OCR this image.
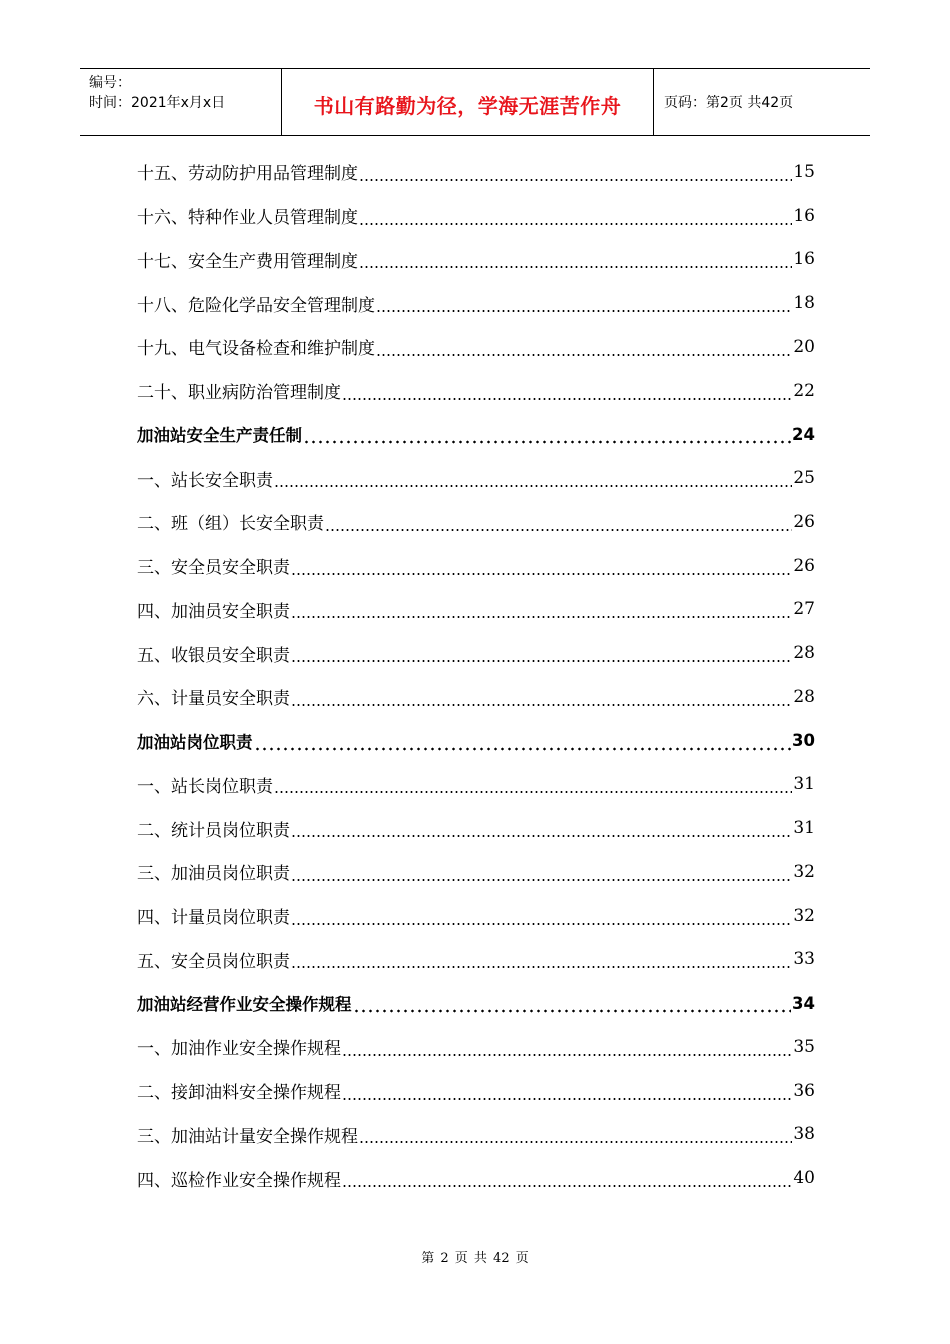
编号：
时间：2021年x月x日	书山有路勤为径，学海无涯苦作舟	页码：第2页 共42页
十五、劳动防护用品管理制度	15
十六、特种作业人员管理制度	16
十七、安全生产费用管理制度	16
十八、危险化学品安全管理制度	18
十九、电气设备检查和维护制度	20
二十、职业病防治管理制度	22
加油站安全生产责任制	24
一、站长安全职责	25
二、班（组）长安全职责	26
三、安全员安全职责	26
四、加油员安全职责	27
五、收银员安全职责	28
六、计量员安全职责	28
加油站岗位职责	30
一、站长岗位职责	31
二、统计员岗位职责	31
三、加油员岗位职责	32
四、计量员岗位职责	32
五、安全员岗位职责	33
加油站经营作业安全操作规程	34
一、加油作业安全操作规程	35
二、接卸油料安全操作规程	36
三、加油站计量安全操作规程	38
四、巡检作业安全操作规程	40
第 2 页 共 42 页
